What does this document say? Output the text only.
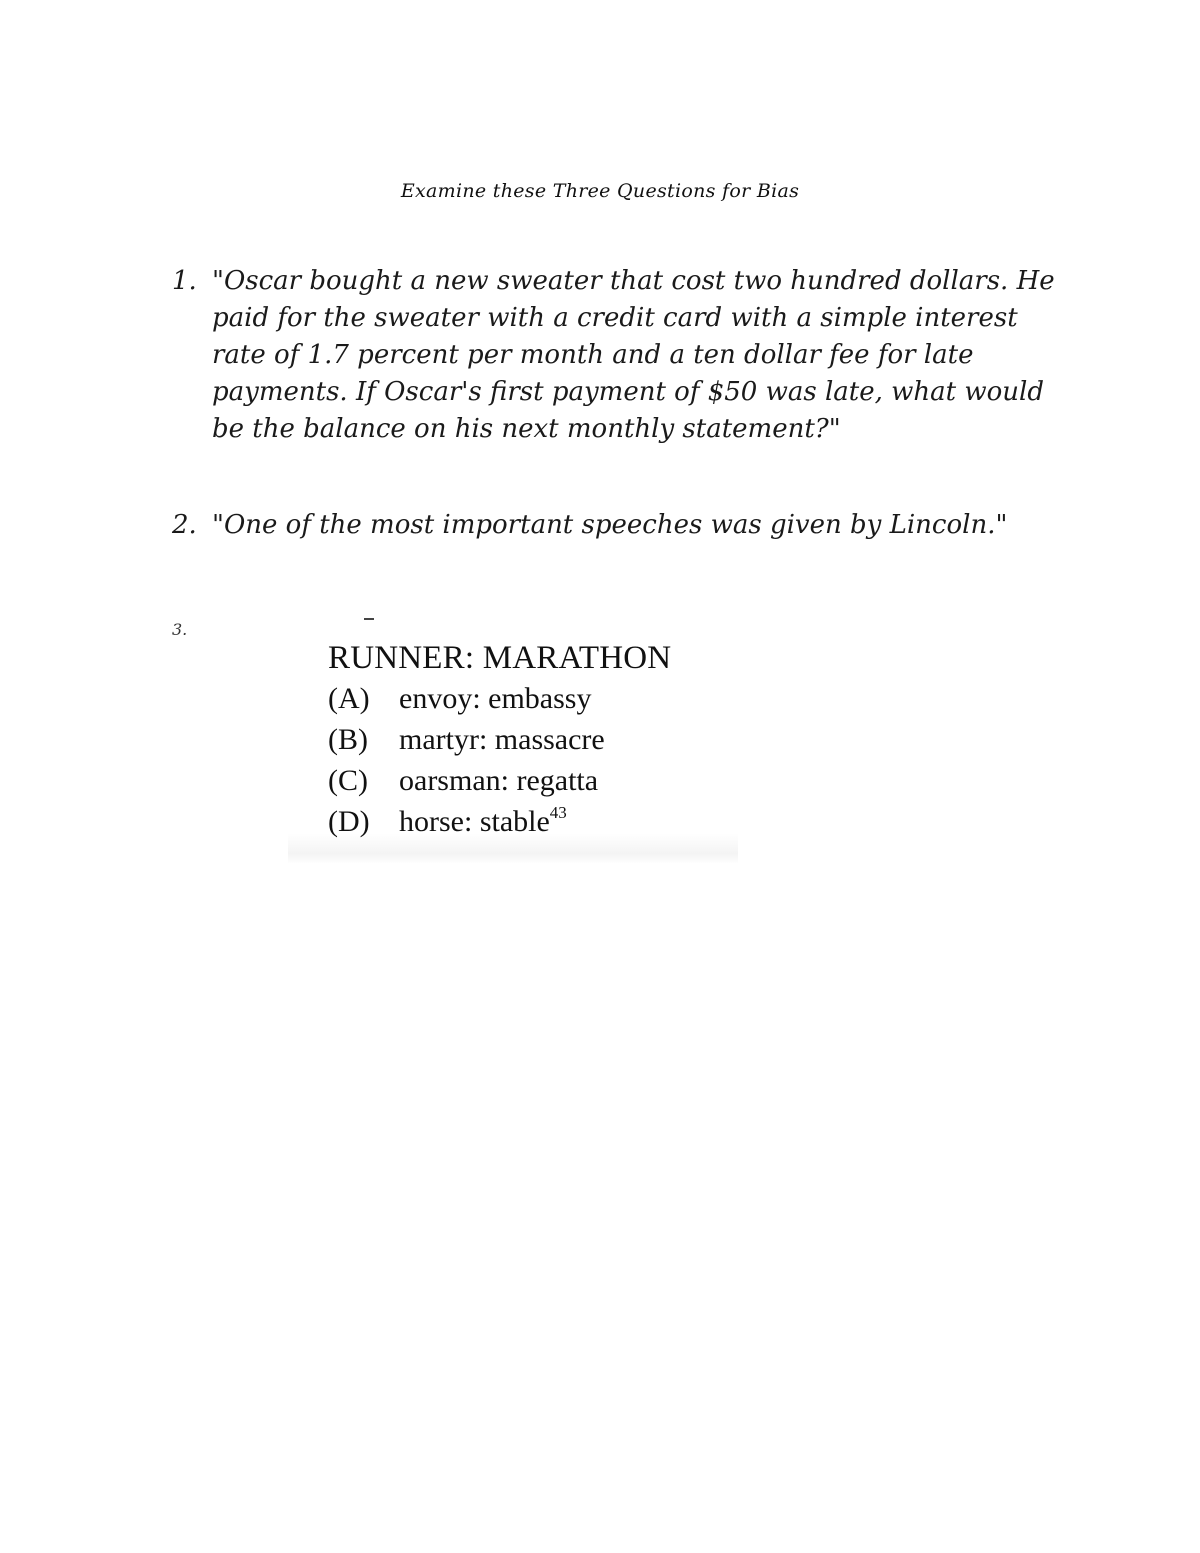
Examine these Three Questions for Bias
1. "Oscar bought a new sweater that cost two hundred dollars. He paid for the sweater with a credit card with a simple interest rate of 1.7 percent per month and a ten dollar fee for late payments. If Oscar's first payment of $50 was late, what would be the balance on his next monthly statement?"
2. "One of the most important speeches was given by Lincoln."
3.
RUNNER: MARATHON
(A) envoy: embassy
(B) martyr: massacre
(C) oarsman: regatta
(D) horse: stable$^{43}$
